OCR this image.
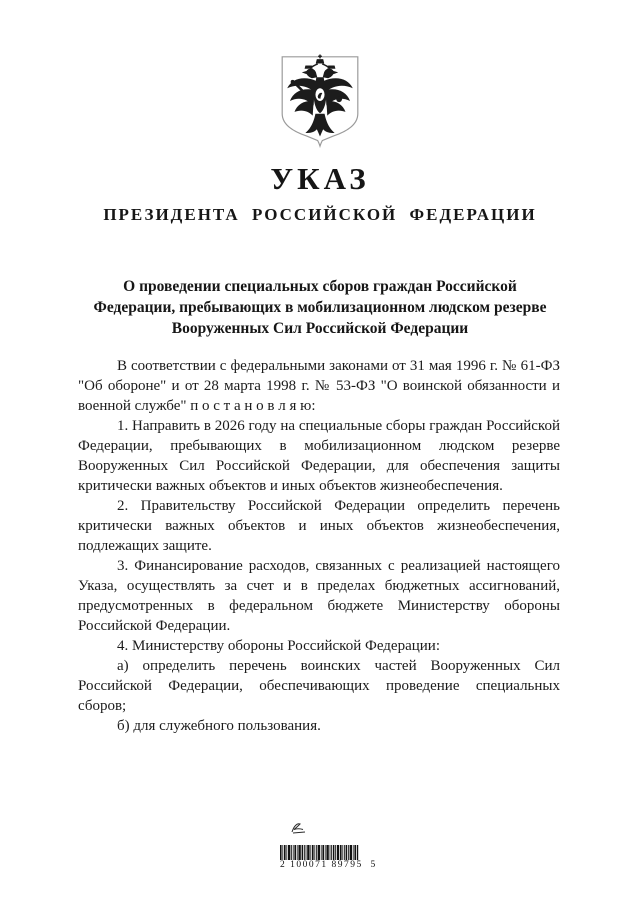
УКАЗ
ПРЕЗИДЕНТА РОССИЙСКОЙ ФЕДЕРАЦИИ
О проведении специальных сборов граждан Российской Федерации, пребывающих в мобилизационном людском резерве Вооруженных Сил Российской Федерации

В соответствии с федеральными законами от 31 мая 1996 г. № 61-ФЗ "Об обороне" и от 28 марта 1998 г. № 53-ФЗ "О воинской обязанности и военной службе" п о с т а н о в л я ю:

1. Направить в 2026 году на специальные сборы граждан Российской Федерации, пребывающих в мобилизационном людском резерве Вооруженных Сил Российской Федерации, для обеспечения защиты критически важных объектов и иных объектов жизнеобеспечения.

2. Правительству Российской Федерации определить перечень критически важных объектов и иных объектов жизнеобеспечения, подлежащих защите.

3. Финансирование расходов, связанных с реализацией настоящего Указа, осуществлять за счет и в пределах бюджетных ассигнований, предусмотренных в федеральном бюджете Министерству обороны Российской Федерации.

4. Министерству обороны Российской Федерации:

а) определить перечень воинских частей Вооруженных Сил Российской Федерации, обеспечивающих проведение специальных сборов;

б) для служебного пользования.

2 100071 89795  5
